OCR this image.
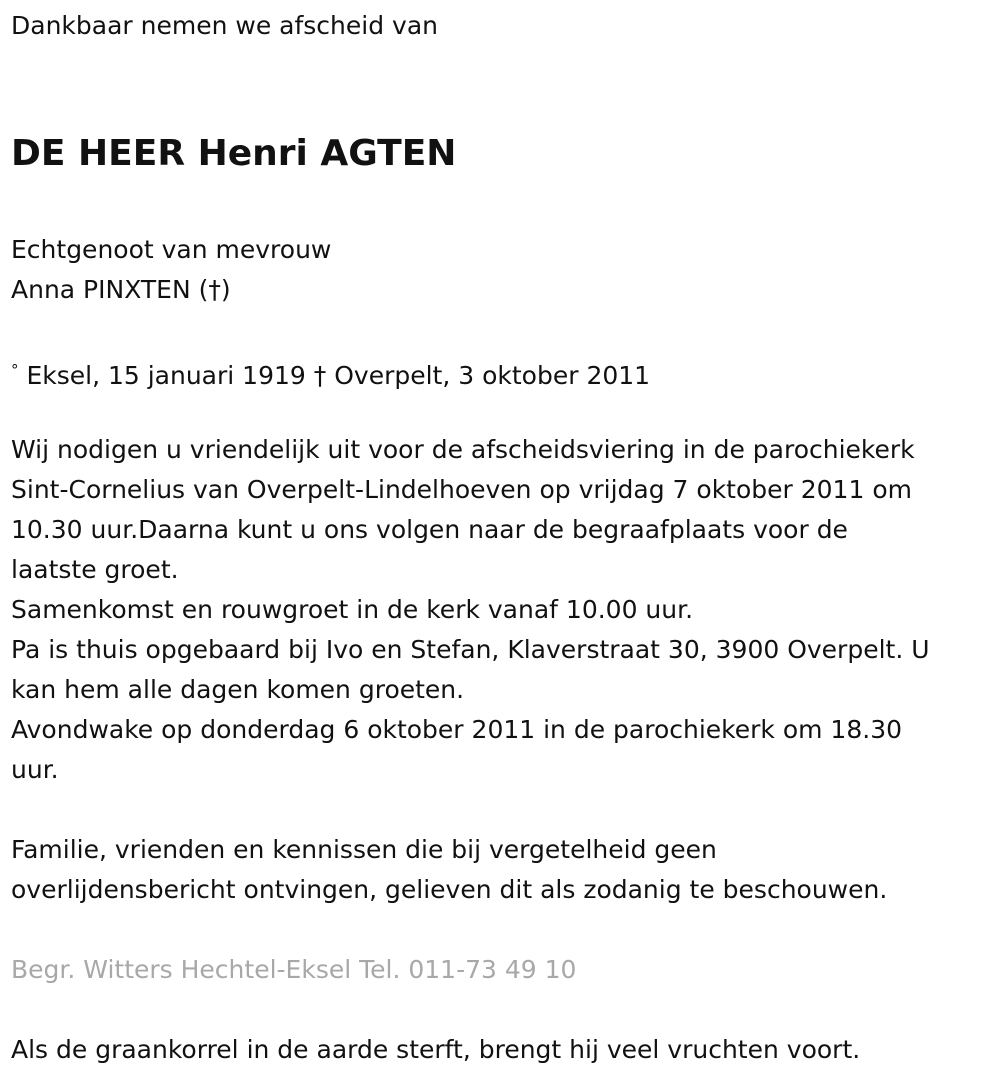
Dankbaar nemen we afscheid van

DE HEER Henri AGTEN

Echtgenoot van mevrouw

Anna PINXTEN (†)

° Eksel, 15 januari 1919 † Overpelt, 3 oktober 2011

Wij nodigen u vriendelijk uit voor de afscheidsviering in de parochiekerk

Sint-Cornelius van Overpelt-Lindelhoeven op vrijdag 7 oktober 2011 om

10.30 uur.Daarna kunt u ons volgen naar de begraafplaats voor de

laatste groet.

Samenkomst en rouwgroet in de kerk vanaf 10.00 uur.

Pa is thuis opgebaard bij Ivo en Stefan, Klaverstraat 30, 3900 Overpelt. U

kan hem alle dagen komen groeten.

Avondwake op donderdag 6 oktober 2011 in de parochiekerk om 18.30

uur.

Familie, vrienden en kennissen die bij vergetelheid geen

overlijdensbericht ontvingen, gelieven dit als zodanig te beschouwen.

Begr. Witters Hechtel-Eksel Tel. 011-73 49 10

Als de graankorrel in de aarde sterft, brengt hij veel vruchten voort.
